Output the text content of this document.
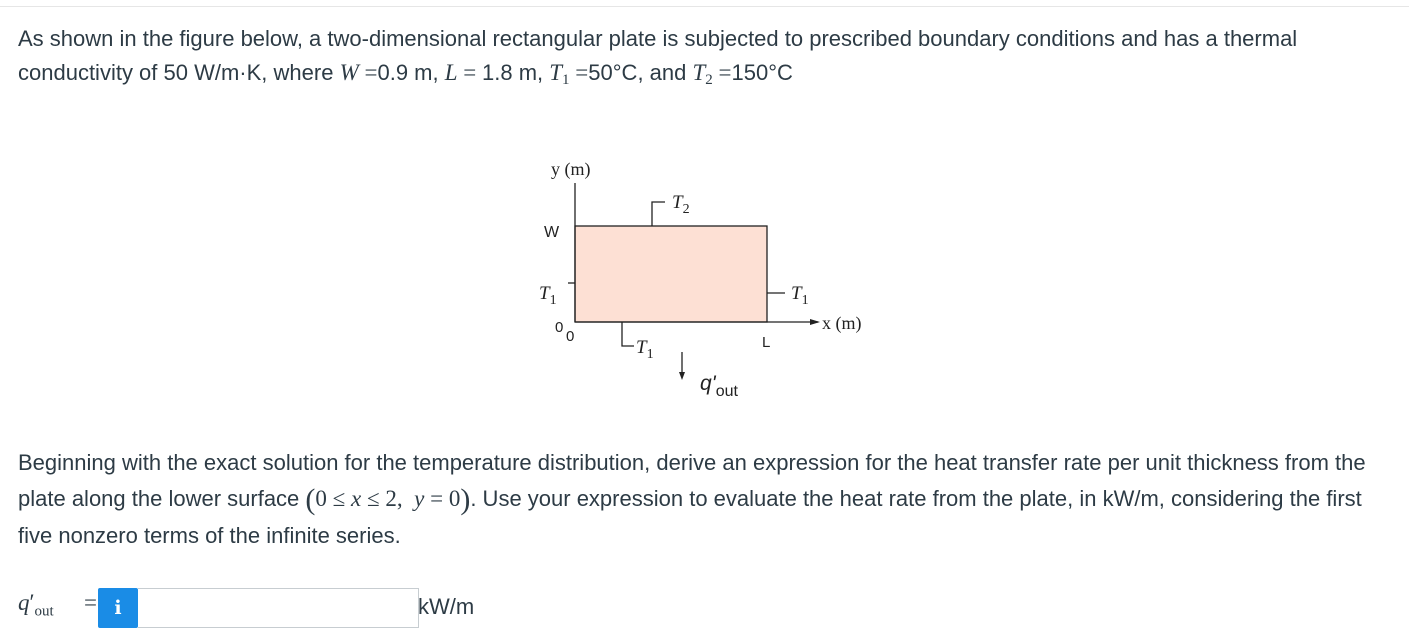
As shown in the figure below, a two-dimensional rectangular plate is subjected to prescribed boundary conditions and has a thermal conductivity of 50 W/m·K, where W =0.9 m, L = 1.8 m, $T_1 =50^\circ C$, and $T_2 =150^\circ C$
y (m)
W
$T_2$
$T_1$	$T_1$
$T_1$
0
0	L
x (m)
$q'_{out}$
Beginning with the exact solution for the temperature distribution, derive an expression for the heat transfer rate per unit thickness from the plate along the lower surface (0 ≤ x ≤ 2, y = 0). Use your expression to evaluate the heat rate from the plate, in kW/m, considering the first five nonzero terms of the infinite series.
$q'_{out} = i$	kW/m
